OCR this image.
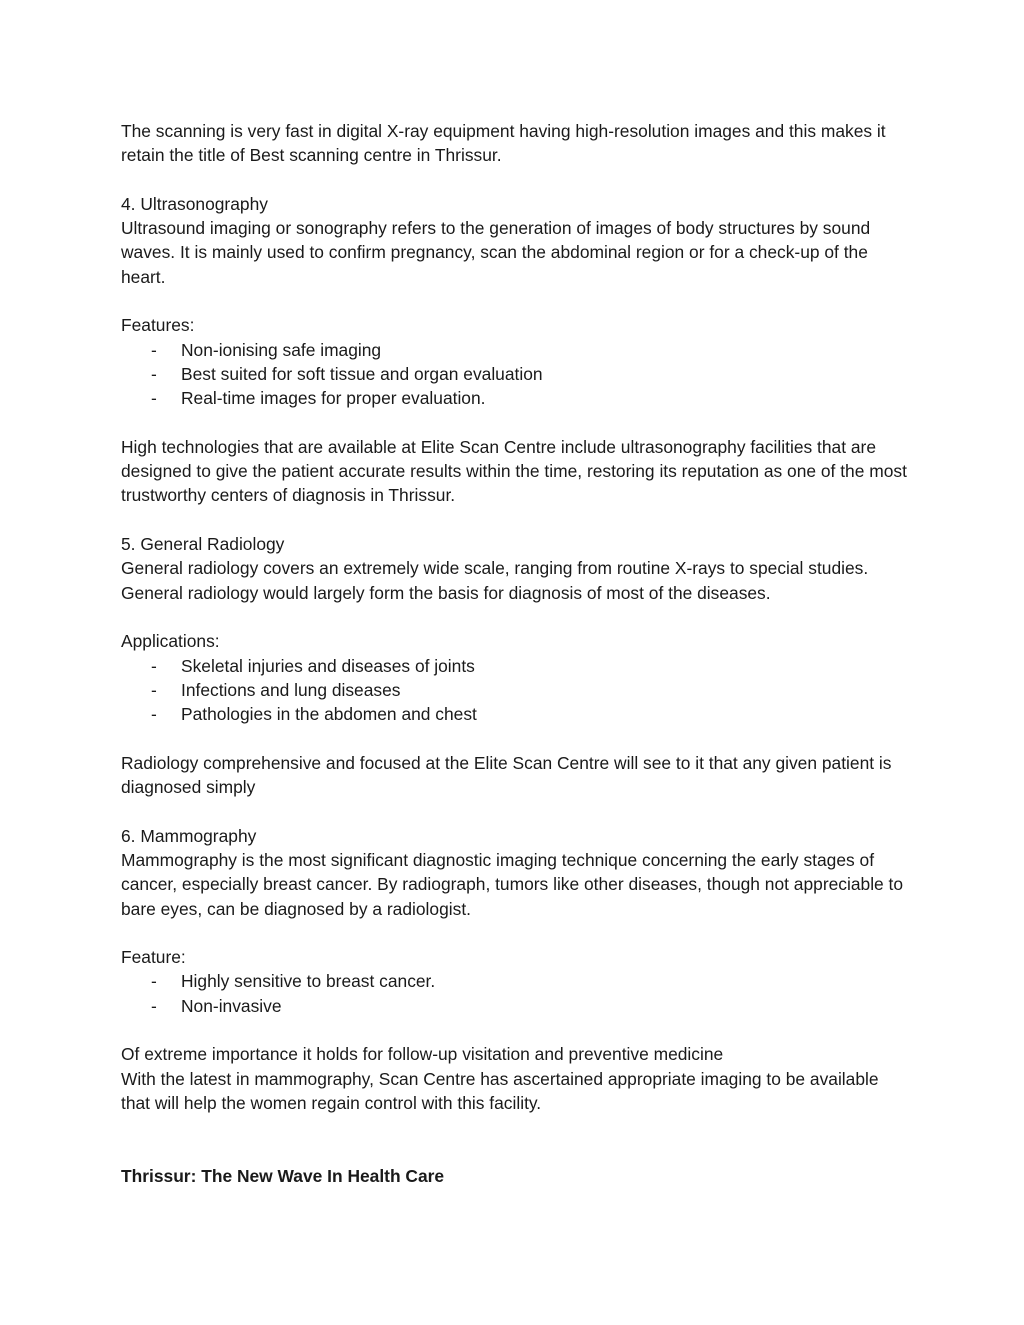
The scanning is very fast in digital X-ray equipment having high-resolution images and this makes it retain the title of Best scanning centre in Thrissur.

4. Ultrasonography

Ultrasound imaging or sonography refers to the generation of images of body structures by sound waves. It is mainly used to confirm pregnancy, scan the abdominal region or for a check-up of the heart.

Features:

- Non-ionising safe imaging
- Best suited for soft tissue and organ evaluation
- Real-time images for proper evaluation.

High technologies that are available at Elite Scan Centre include ultrasonography facilities that are designed to give the patient accurate results within the time, restoring its reputation as one of the most trustworthy centers of diagnosis in Thrissur.

5. General Radiology

General radiology covers an extremely wide scale, ranging from routine X-rays to special studies. General radiology would largely form the basis for diagnosis of most of the diseases.

Applications:

- Skeletal injuries and diseases of joints
- Infections and lung diseases
- Pathologies in the abdomen and chest

Radiology comprehensive and focused at the Elite Scan Centre will see to it that any given patient is diagnosed simply

6. Mammography

Mammography is the most significant diagnostic imaging technique concerning the early stages of cancer, especially breast cancer. By radiograph, tumors like other diseases, though not appreciable to bare eyes, can be diagnosed by a radiologist.

Feature:

- Highly sensitive to breast cancer.
- Non-invasive

Of extreme importance it holds for follow-up visitation and preventive medicine

With the latest in mammography, Scan Centre has ascertained appropriate imaging to be available that will help the women regain control with this facility.

Thrissur: The New Wave In Health Care
